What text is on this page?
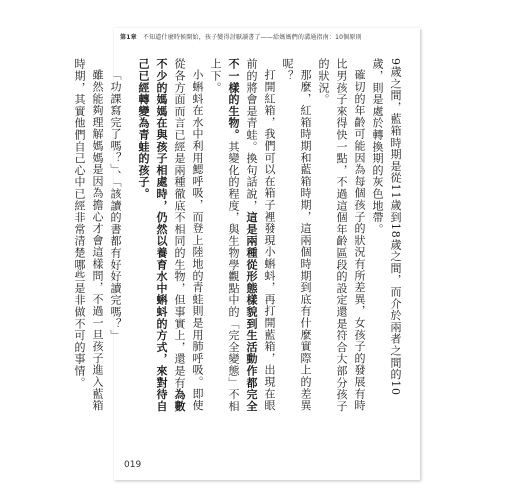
第1章 不知道什麼時候開始，孩子變得討厭讀書了——給媽媽們的溝通指南：10個原則

9歲之間，藍箱時期是從11歲到18歲之間，而介於兩者之間的10歲，則是處於轉換期的灰色地帶。

確切的年齡可能因為每個孩子的狀況有所差異，女孩子的發展有時比男孩子來得快一點，不過這個年齡區段的設定還是符合大部分孩子的狀況。

那麼，紅箱時期和藍箱時期，這兩個時期到底有什麼實際上的差異呢？

打開紅箱，我們可以在箱子裡發現小蝌蚪，再打開藍箱，出現在眼前的將會是青蛙。換句話說，這是兩種從形態樣貌到生活動作都完全不一樣的生物。其變化的程度，與生物學觀點中的「完全變態」不相上下。

小蝌蚪在水中利用鰓呼吸，而登上陸地的青蛙則是用肺呼吸。即使從各方面而言已經是兩種徹底不相同的生物，但事實上，還是有為數不少的媽媽在與孩子相處時，仍然以養育水中蝌蚪的方式，來對待自己已經轉變為青蛙的孩子。

「功課寫完了嗎？」、「該讀的書都有好好讀完嗎？」

雖然能夠理解媽媽是因為擔心才會這樣問，不過一旦孩子進入藍箱時期，其實他們自己心中已經非常清楚哪些是非做不可的事情。

019
